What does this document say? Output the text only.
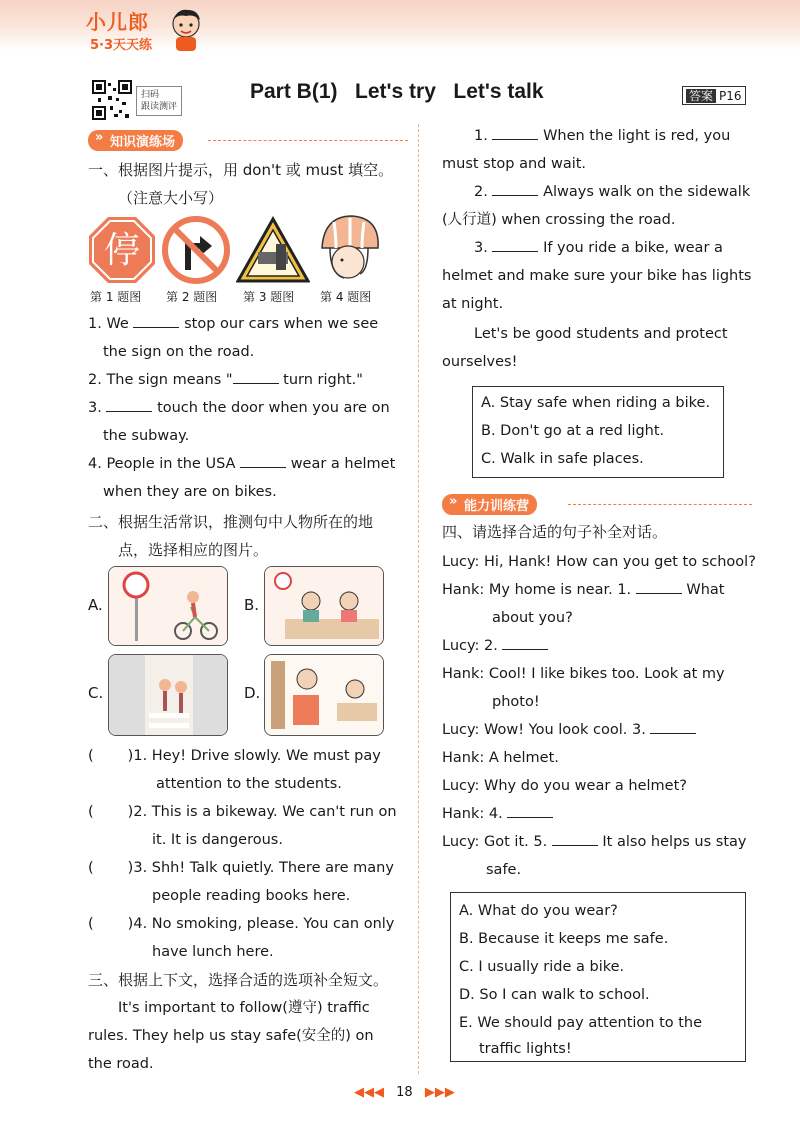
小儿郎
5·3天天练
扫码
跟读测评
Part B(1)   Let's try   Let's talk	答案 P16
» 知识演练场
一、根据图片提示，用 don't 或 must 填空。
（注意大小写）
停
第 1 题图 第 2 题图 第 3 题图 第 4 题图
1. We	stop our cars when we see
the sign on the road.
2. The sign means "	turn right."
3.	touch the door when you are on
the subway.
4. People in the USA	wear a helmet
when they are on bikes.
二、根据生活常识，推测句中人物所在的地
点，选择相应的图片。
A.	B.
C.	D.
( )1. Hey! Drive slowly. We must pay
attention to the students.
( )2. This is a bikeway. We can't run on
it. It is dangerous.
( )3. Shh! Talk quietly. There are many
people reading books here.
( )4. No smoking, please. You can only
have lunch here.
三、根据上下文，选择合适的选项补全短文。
It's important to follow(遵守) traffic
rules. They help us stay safe(安全的) on
the road.
1.	When the light is red, you
must stop and wait.
2.	Always walk on the sidewalk
(人行道) when crossing the road.
3.	If you ride a bike, wear a
helmet and make sure your bike has lights
at night.
Let's be good students and protect
ourselves!
A. Stay safe when riding a bike.
B. Don't go at a red light.
C. Walk in safe places.
» 能力训练营
四、请选择合适的句子补全对话。
Lucy: Hi, Hank! How can you get to school?
Hank: My home is near. 1.	What
about you?
Lucy: 2.
Hank: Cool! I like bikes too. Look at my
photo!
Lucy: Wow! You look cool. 3.
Hank: A helmet.
Lucy: Why do you wear a helmet?
Hank: 4.
Lucy: Got it. 5.	It also helps us stay
safe.
A. What do you wear?
B. Because it keeps me safe.
C. I usually ride a bike.
D. So I can walk to school.
E. We should pay attention to the
traffic lights!
◀◀◀ 18 ▶▶▶
